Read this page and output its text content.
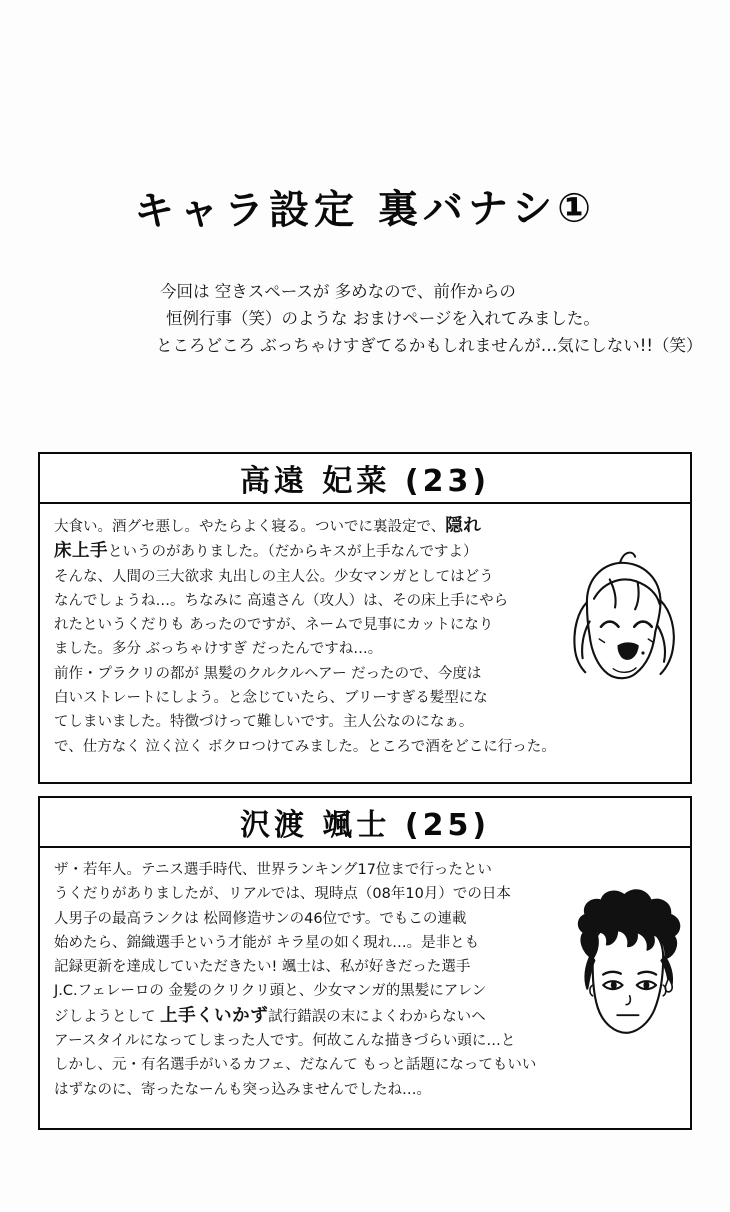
キャラ設定 裏バナシ①
今回は 空きスペースが 多めなので、前作からの
恒例行事（笑）のような おまけページを入れてみました。
ところどころ ぶっちゃけすぎてるかもしれませんが…気にしない!!（笑）
高遠 妃菜 (23)
大食い。酒グセ悪し。やたらよく寝る。ついでに裏設定で、隠れ
床上手というのがありました。（だからキスが上手なんですよ）
そんな、人間の三大欲求 丸出しの主人公。少女マンガとしてはどう
なんでしょうね…。ちなみに 高遠さん（攻人）は、その床上手にやら
れたというくだりも あったのですが、ネームで見事にカットになり
ました。多分 ぶっちゃけすぎ だったんですね…。
前作・プラクリの都が 黒髪のクルクルヘアー だったので、今度は
白いストレートにしよう。と念じていたら、ブリーすぎる髪型にな
てしまいました。特徴づけって難しいです。主人公なのになぁ。
で、仕方なく 泣く泣く ボクロつけてみました。ところで酒をどこに行った。
沢渡 颯士 (25)
ザ・若年人。テニス選手時代、世界ランキング17位まで行ったとい
うくだりがありましたが、リアルでは、現時点（08年10月）での日本
人男子の最高ランクは 松岡修造サンの46位です。でもこの連載
始めたら、錦織選手という才能が キラ星の如く現れ…。是非とも
記録更新を達成していただきたい! 颯士は、私が好きだった選手
J.C.フェレーロの 金髪のクリクリ頭と、少女マンガ的黒髪にアレン
ジしようとして 上手くいかず試行錯誤の末によくわからないヘ
アースタイルになってしまった人です。何故こんな描きづらい頭に…と
しかし、元・有名選手がいるカフェ、だなんて もっと話題になってもいい
はずなのに、寄ったなーんも突っ込みませんでしたね…。
